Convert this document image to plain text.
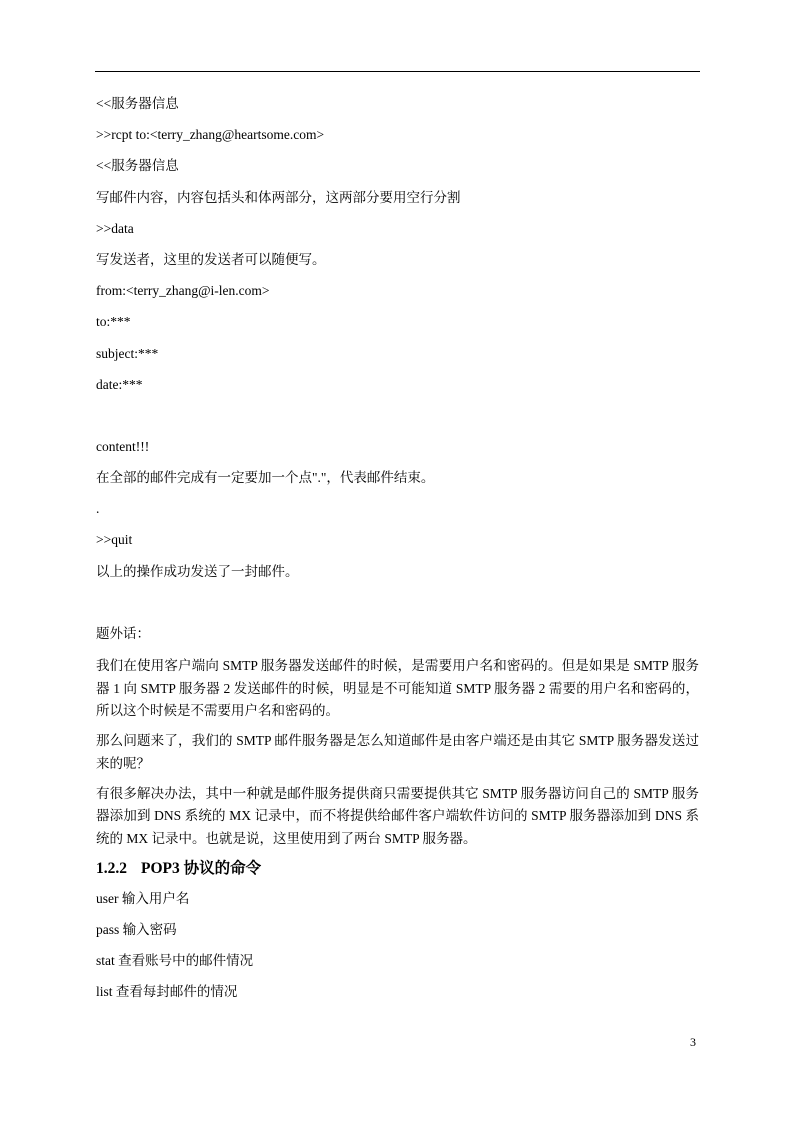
<<服务器信息
>>rcpt to:<terry_zhang@heartsome.com>
<<服务器信息
写邮件内容，内容包括头和体两部分，这两部分要用空行分割
>>data
写发送者，这里的发送者可以随便写。
from:<terry_zhang@i-len.com>
to:***
subject:***
date:***
content!!!
在全部的邮件完成有一定要加一个点"."，代表邮件结束。
.
>>quit
以上的操作成功发送了一封邮件。
题外话：
我们在使用客户端向 SMTP 服务器发送邮件的时候，是需要用户名和密码的。但是如果是 SMTP 服务器 1 向 SMTP 服务器 2 发送邮件的时候，明显是不可能知道 SMTP 服务器 2 需要的用户名和密码的，所以这个时候是不需要用户名和密码的。
那么问题来了，我们的 SMTP 邮件服务器是怎么知道邮件是由客户端还是由其它 SMTP 服务器发送过来的呢？
有很多解决办法，其中一种就是邮件服务提供商只需要提供其它 SMTP 服务器访问自己的 SMTP 服务器添加到 DNS 系统的 MX 记录中，而不将提供给邮件客户端软件访问的 SMTP 服务器添加到 DNS 系统的 MX 记录中。也就是说，这里使用到了两台 SMTP 服务器。
1.2.2 POP3 协议的命令
user 输入用户名
pass 输入密码
stat 查看账号中的邮件情况
list 查看每封邮件的情况
3
